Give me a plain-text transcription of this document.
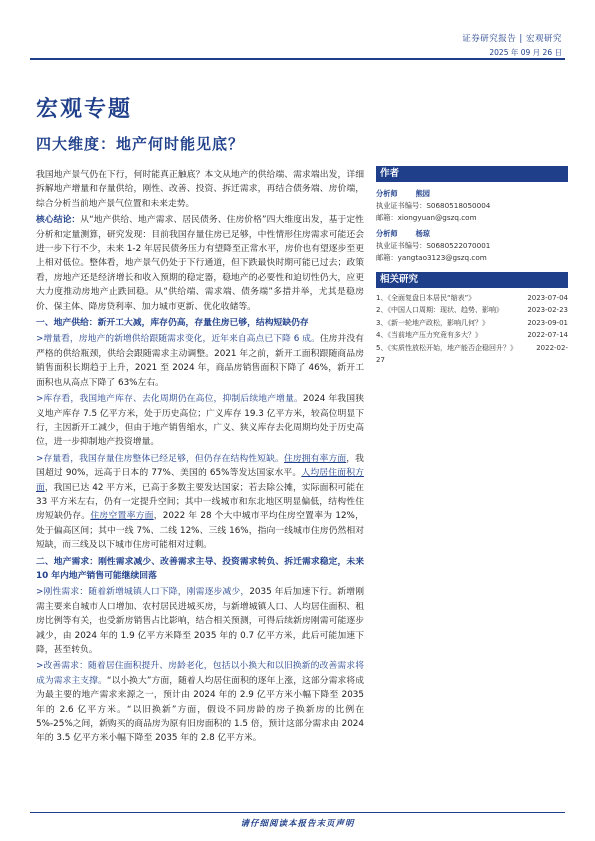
证券研究报告 | 宏观研究
2025 年 09 月 26 日
宏观专题
四大维度：地产何时能见底？

我国地产景气仍在下行，何时能真正触底？本文从地产的供给端、需求端出发，详细拆解地产增量和存量供给，刚性、改善、投资、拆迁需求，再结合债务端、房价端，综合分析当前地产景气位置和未来走势。

核心结论：从“地产供给、地产需求、居民债务、住房价格”四大维度出发，基于定性分析和定量测算，研究发现：目前我国存量住房已足够，中性情形住房需求可能还会进一步下行不少，未来 1-2 年居民债务压力有望降至正常水平，房价也有望逐步至更上相对低位。整体看，地产景气仍处于下行通道，但下跌最快时期可能已过去；政策看，房地产还是经济增长和收入预期的稳定器，稳地产的必要性和迫切性仍大，应更大力度推动房地产止跌回稳。从“供给端、需求端、债务端”多措并举，尤其是稳房价、保主体、降房贷利率、加力城市更新、优化收储等。

一、地产供给：新开工大减，库存仍高，存量住房已够，结构短缺仍存

>增量看，房地产的新增供给跟随需求变化，近年来自高点已下降 6 成。住房并没有严格的供给瓶颈，供给会跟随需求主动调整。2021 年之前，新开工面积跟随商品房销售面积长期趋于上升，2021 至 2024 年，商品房销售面积下降了 46%，新开工面积也从高点下降了 63%左右。

>库存看，我国地产库存、去化周期仍在高位，抑制后续地产增量。2024 年我国狭义地产库存 7.5 亿平方米，处于历史高位；广义库存 19.3 亿平方米，较高位明显下行，主因新开工减少，但由于地产销售缩水，广义、狭义库存去化周期均处于历史高位，进一步抑制地产投资增量。

>存量看，我国存量住房整体已经足够，但仍存在结构性短缺。住房拥有率方面，我国超过 90%，远高于日本的 77%、美国的 65%等发达国家水平。人均居住面积方面，我国已达 42 平方米，已高于多数主要发达国家；若去除公摊，实际面积可能在 33 平方米左右，仍有一定提升空间；其中一线城市和东北地区明显偏低，结构性住房短缺仍存。住房空置率方面，2022 年 28 个大中城市平均住房空置率为 12%，处于偏高区间；其中一线 7%、二线 12%、三线 16%，指向一线城市住房仍然相对短缺，而三线及以下城市住房可能相对过剩。

二、地产需求：刚性需求减少、改善需求主导、投资需求转负、拆迁需求稳定，未来 10 年内地产销售可能继续回落

>刚性需求：随着新增城镇人口下降，刚需逐步减少，2035 年后加速下行。新增刚需主要来自城市人口增加、农村居民进城买房，与新增城镇人口、人均居住面积、租房比例等有关，也受新房销售占比影响，结合相关预测，可得后续新房刚需可能逐步减少，由 2024 年的 1.9 亿平方米降至 2035 年的 0.7 亿平方米，此后可能加速下降，甚至转负。

>改善需求：随着居住面积提升、房龄老化，包括以小换大和以旧换新的改善需求将成为需求主支撑。“以小换大”方面，随着人均居住面积的逐年上涨，这部分需求将成为最主要的地产需求来源之一，预计由 2024 年的 2.9 亿平方米小幅下降至 2035 年的 2.6 亿平方米。“以旧换新”方面，假设不同房龄的房子换新房的比例在 5%-25%之间，新购买的商品房为原有旧房面积的 1.5 倍，预计这部分需求由 2024 年的 3.5 亿平方米小幅下降至 2035 年的 2.8 亿平方米。

作者
分析师	熊园
执业证书编号：S0680518050004
邮箱：xiongyuan@gszq.com
分析师	杨琼
执业证书编号：S0680522070001
邮箱：yangtao3123@gszq.com
相关研究
1、《全面复盘日本居民“缩表”》	2023-07-04
2、《中国人口周期：现状、趋势、影响》	2023-02-23
3、《新一轮地产政松，影响几何？》	2023-09-01
4、《当前地产压力究竟有多大？》	2022-07-14
5、《实质性放松开始，地产能否企稳回升？》	2022-02-
27
请仔细阅读本报告末页声明
